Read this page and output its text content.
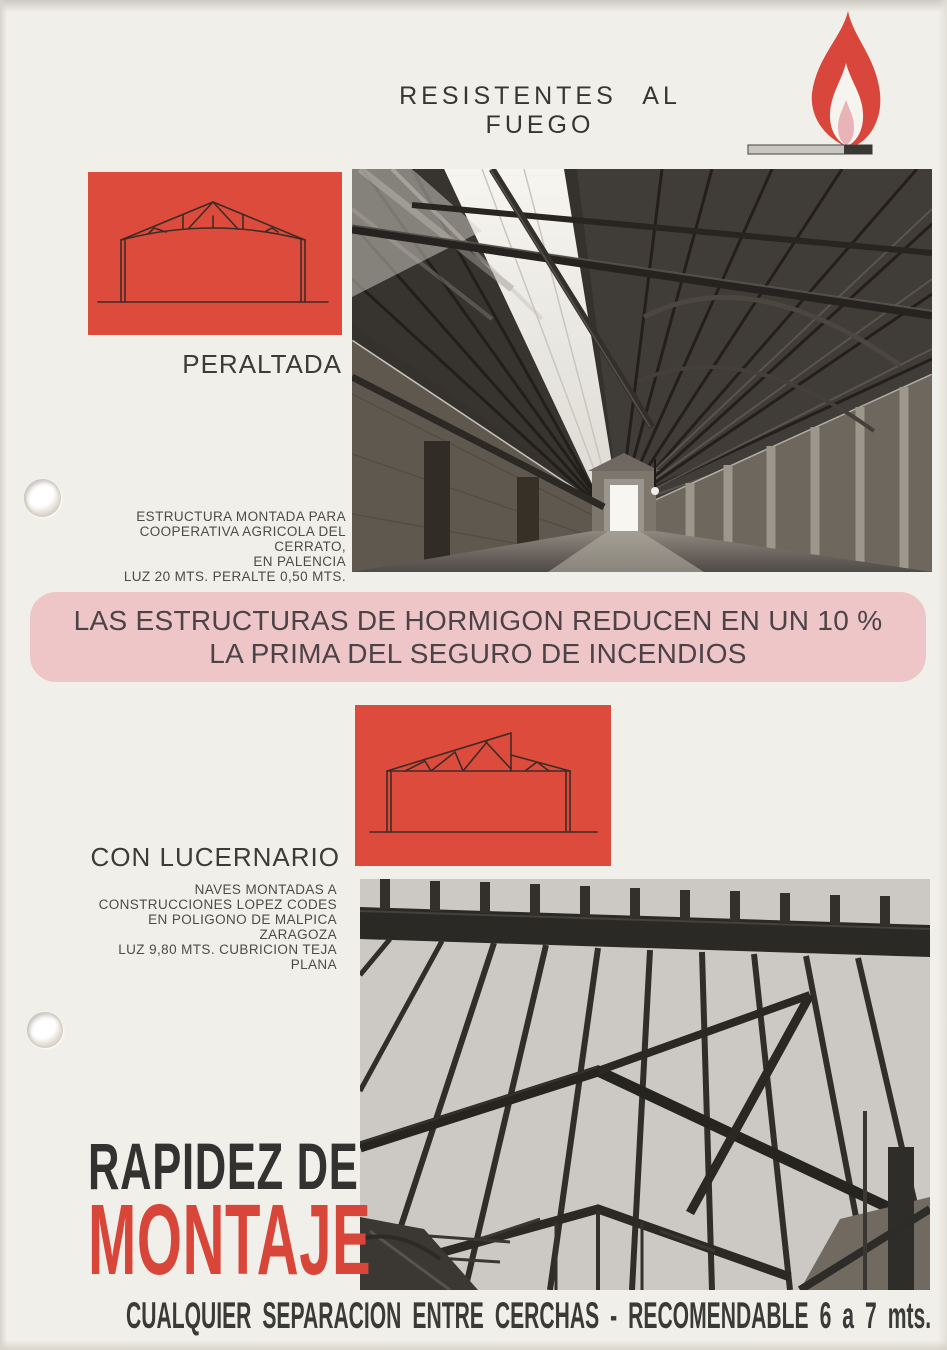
RESISTENTES AL FUEGO
PERALTADA
ESTRUCTURA MONTADA PARA
COOPERATIVA AGRICOLA DEL CERRATO,
EN PALENCIA
LUZ 20 MTS. PERALTE 0,50 MTS.
LAS ESTRUCTURAS DE HORMIGON REDUCEN EN UN 10 %
LA PRIMA DEL SEGURO DE INCENDIOS
CON LUCERNARIO
NAVES MONTADAS A
CONSTRUCCIONES LOPEZ CODES
EN POLIGONO DE MALPICA
ZARAGOZA
LUZ 9,80 MTS. CUBRICION TEJA PLANA
RAPIDEZ DE
MONTAJE
CUALQUIER SEPARACION ENTRE CERCHAS - RECOMENDABLE 6 a 7 mts.
